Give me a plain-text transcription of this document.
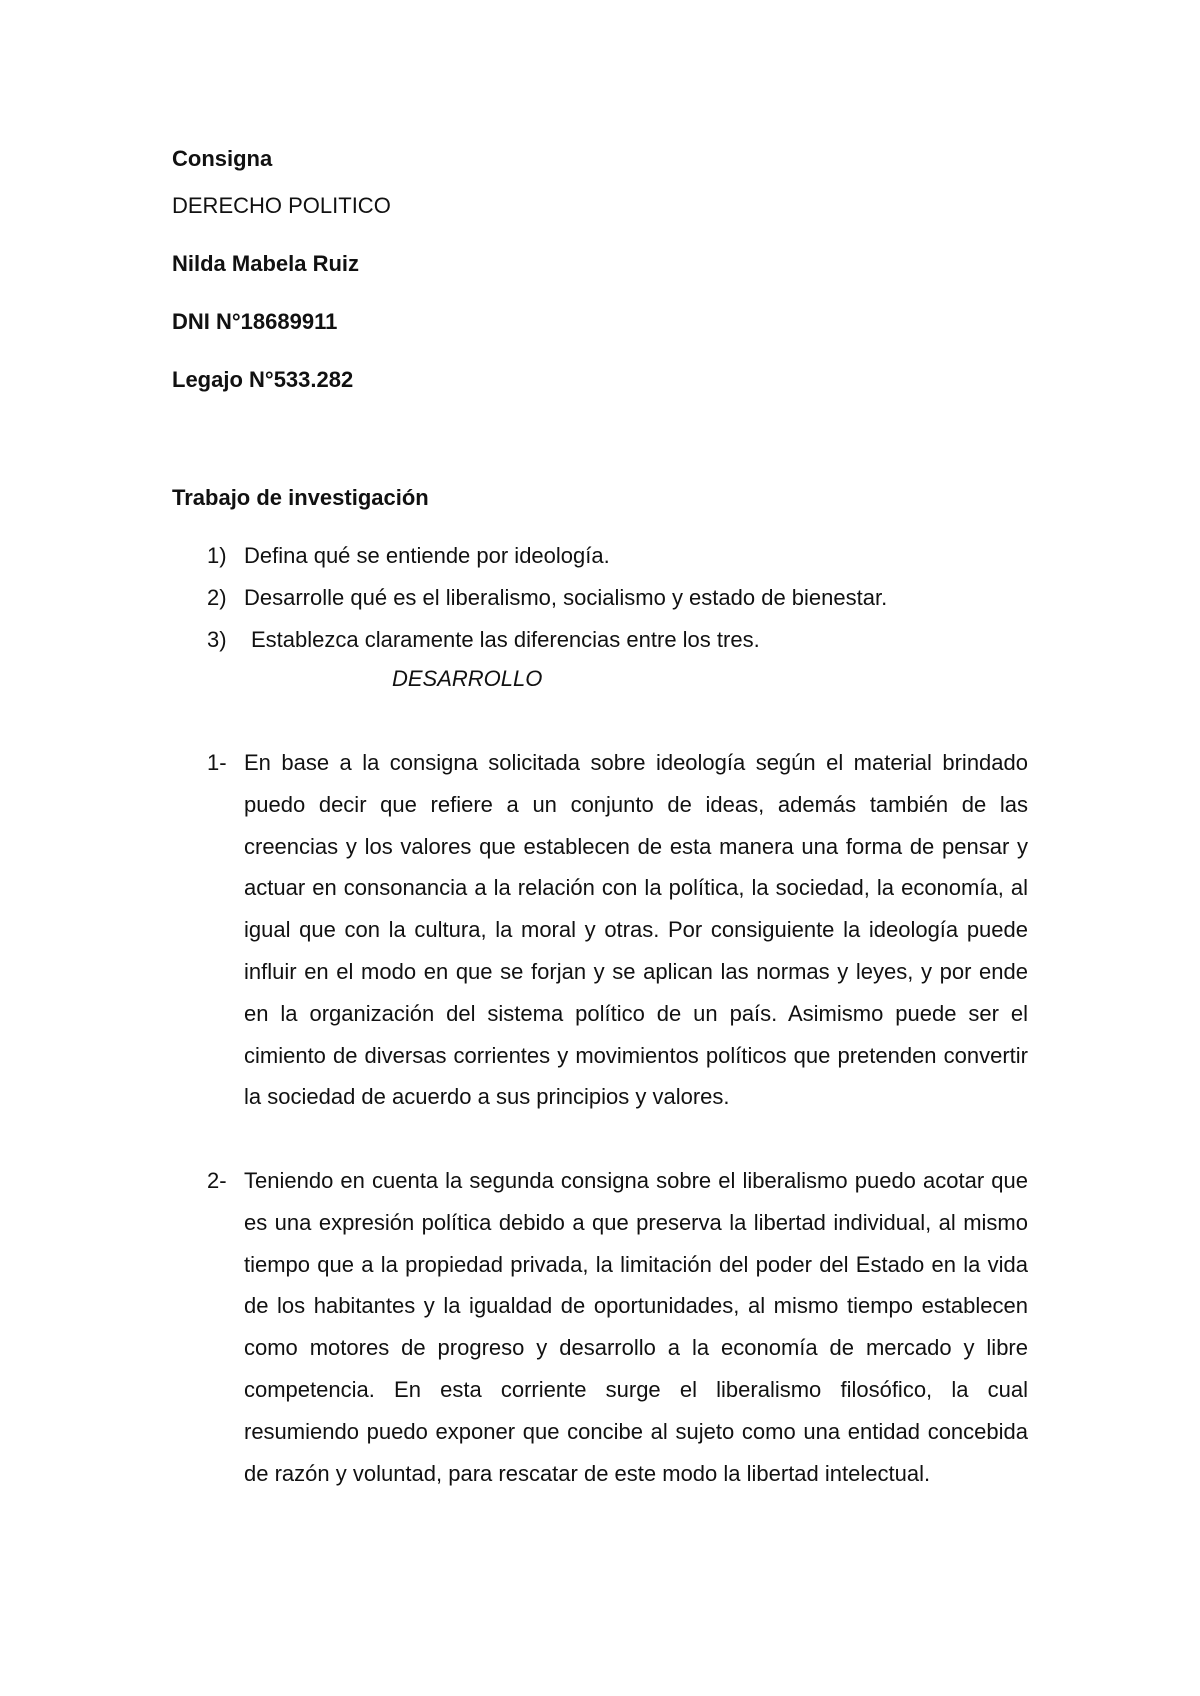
Consigna
DERECHO POLITICO
Nilda Mabela Ruiz
DNI N°18689911
Legajo N°533.282
Trabajo de investigación
1) Defina qué se entiende por ideología.
2) Desarrolle qué es el liberalismo, socialismo y estado de bienestar.
3) Establezca claramente las diferencias entre los tres.
DESARROLLO
1- En base a la consigna solicitada sobre ideología según el material brindado puedo decir que refiere a un conjunto de ideas, además también de las creencias y los valores que establecen de esta manera una forma de pensar y actuar en consonancia a la relación con la política, la sociedad, la economía, al igual que con la cultura, la moral y otras. Por consiguiente la ideología puede influir en el modo en que se forjan y se aplican las normas y leyes, y por ende en la organización del sistema político de un país. Asimismo puede ser el cimiento de diversas corrientes y movimientos políticos que pretenden convertir la sociedad de acuerdo a sus principios y valores.
2- Teniendo en cuenta la segunda consigna sobre el liberalismo puedo acotar que es una expresión política debido a que preserva la libertad individual, al mismo tiempo que a la propiedad privada, la limitación del poder del Estado en la vida de los habitantes y la igualdad de oportunidades, al mismo tiempo establecen como motores de progreso y desarrollo a la economía de mercado y libre competencia. En esta corriente surge el liberalismo filosófico, la cual resumiendo puedo exponer que concibe al sujeto como una entidad concebida de razón y voluntad, para rescatar de este modo la libertad intelectual.
